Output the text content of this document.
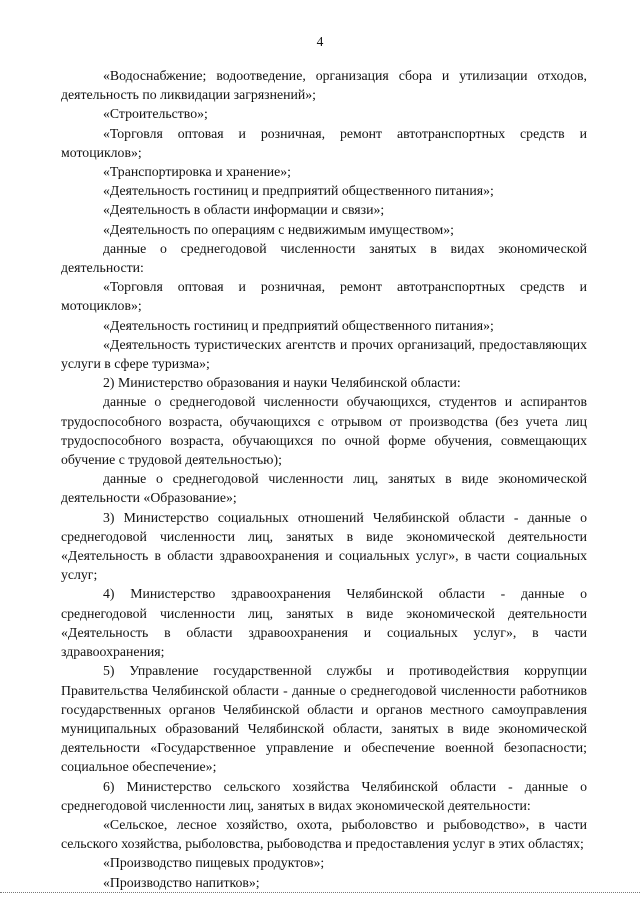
4

«Водоснабжение; водоотведение, организация сбора и утилизации отходов, деятельность по ликвидации загрязнений»;

«Строительство»;

«Торговля оптовая и розничная, ремонт автотранспортных средств и мотоциклов»;

«Транспортировка и хранение»;

«Деятельность гостиниц и предприятий общественного питания»;

«Деятельность в области информации и связи»;

«Деятельность по операциям с недвижимым имуществом»;

данные о среднегодовой численности занятых в видах экономической деятельности:

«Торговля оптовая и розничная, ремонт автотранспортных средств и мотоциклов»;

«Деятельность гостиниц и предприятий общественного питания»;

«Деятельность туристических агентств и прочих организаций, предоставляющих услуги в сфере туризма»;

2) Министерство образования и науки Челябинской области:

данные о среднегодовой численности обучающихся, студентов и аспирантов трудоспособного возраста, обучающихся с отрывом от производства (без учета лиц трудоспособного возраста, обучающихся по очной форме обучения, совмещающих обучение с трудовой деятельностью);

данные о среднегодовой численности лиц, занятых в виде экономической деятельности «Образование»;

3) Министерство социальных отношений Челябинской области - данные о среднегодовой численности лиц, занятых в виде экономической деятельности «Деятельность в области здравоохранения и социальных услуг», в части социальных услуг;

4) Министерство здравоохранения Челябинской области - данные о среднегодовой численности лиц, занятых в виде экономической деятельности «Деятельность в области здравоохранения и социальных услуг», в части здравоохранения;

5) Управление государственной службы и противодействия коррупции Правительства Челябинской области - данные о среднегодовой численности работников государственных органов Челябинской области и органов местного самоуправления муниципальных образований Челябинской области, занятых в виде экономической деятельности «Государственное управление и обеспечение военной безопасности; социальное обеспечение»;

6) Министерство сельского хозяйства Челябинской области - данные о среднегодовой численности лиц, занятых в видах экономической деятельности:

«Сельское, лесное хозяйство, охота, рыболовство и рыбоводство», в части сельского хозяйства, рыболовства, рыбоводства и предоставления услуг в этих областях;

«Производство пищевых продуктов»;

«Производство напитков»;
